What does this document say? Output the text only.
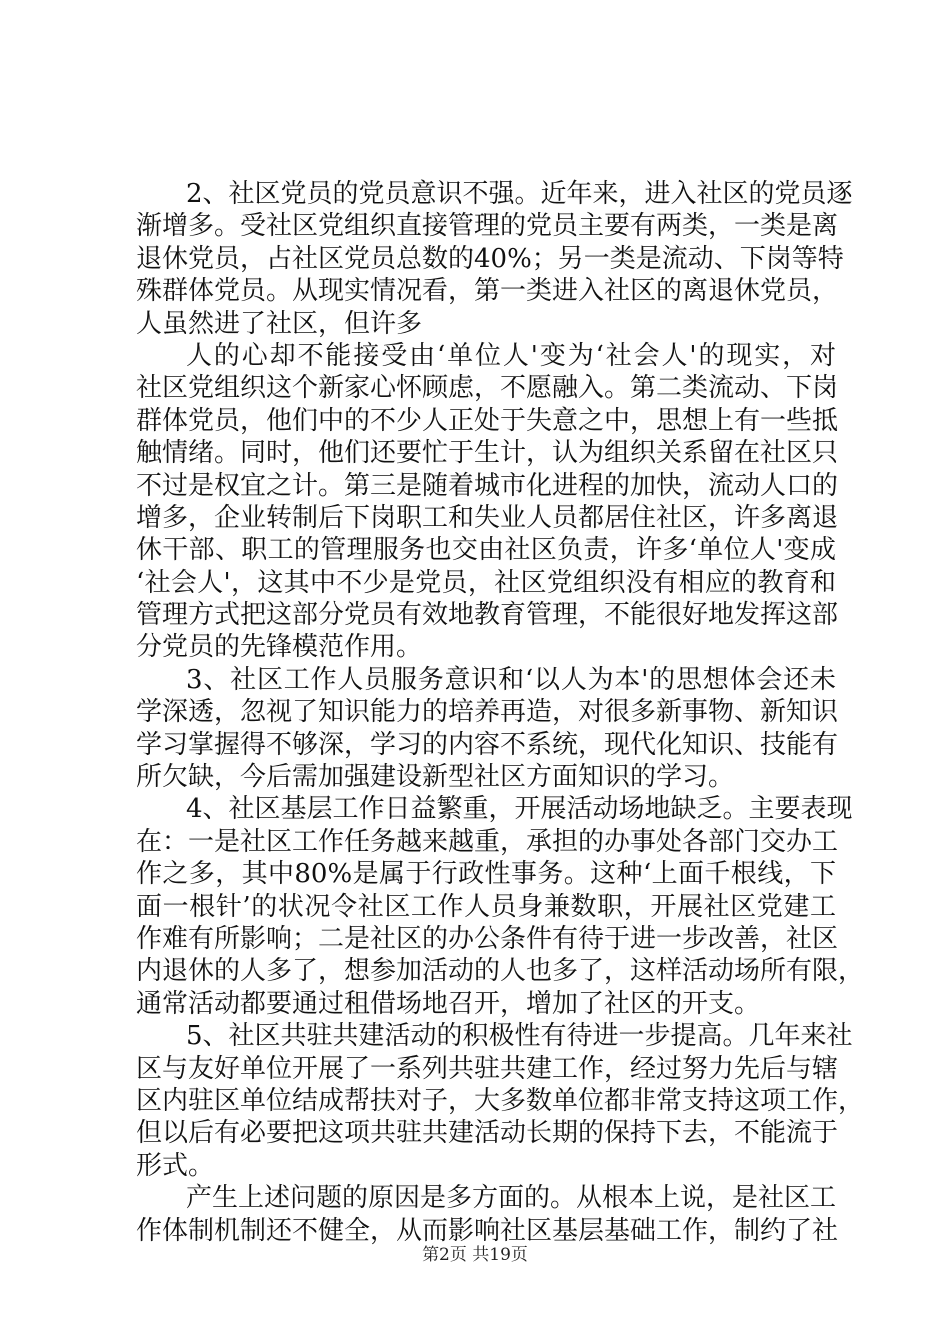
2、社区党员的党员意识不强。近年来，进入社区的党员逐
渐增多。受社区党组织直接管理的党员主要有两类，一类是离
退休党员，占社区党员总数的40%；另一类是流动、下岗等特
殊群体党员。从现实情况看，第一类进入社区的离退休党员，
人虽然进了社区，但许多
人的心却不能接受由‘单位人'变为‘社会人'的现实，对
社区党组织这个新家心怀顾虑，不愿融入。第二类流动、下岗
群体党员，他们中的不少人正处于失意之中，思想上有一些抵
触情绪。同时，他们还要忙于生计，认为组织关系留在社区只
不过是权宜之计。第三是随着城市化进程的加快，流动人口的
增多，企业转制后下岗职工和失业人员都居住社区，许多离退
休干部、职工的管理服务也交由社区负责，许多‘单位人'变成
‘社会人'，这其中不少是党员，社区党组织没有相应的教育和
管理方式把这部分党员有效地教育管理，不能很好地发挥这部
分党员的先锋模范作用。
3、社区工作人员服务意识和‘以人为本'的思想体会还未
学深透，忽视了知识能力的培养再造，对很多新事物、新知识
学习掌握得不够深，学习的内容不系统，现代化知识、技能有
所欠缺，今后需加强建设新型社区方面知识的学习。
4、社区基层工作日益繁重，开展活动场地缺乏。主要表现
在：一是社区工作任务越来越重，承担的办事处各部门交办工
作之多，其中80%是属于行政性事务。这种‘上面千根线，下
面一根针’的状况令社区工作人员身兼数职，开展社区党建工
作难有所影响；二是社区的办公条件有待于进一步改善，社区
内退休的人多了，想参加活动的人也多了，这样活动场所有限，
通常活动都要通过租借场地召开，增加了社区的开支。
5、社区共驻共建活动的积极性有待进一步提高。几年来社
区与友好单位开展了一系列共驻共建工作，经过努力先后与辖
区内驻区单位结成帮扶对子，大多数单位都非常支持这项工作，
但以后有必要把这项共驻共建活动长期的保持下去，不能流于
形式。
产生上述问题的原因是多方面的。从根本上说，是社区工
作体制机制还不健全，从而影响社区基层基础工作，制约了社
第2页 共19页
